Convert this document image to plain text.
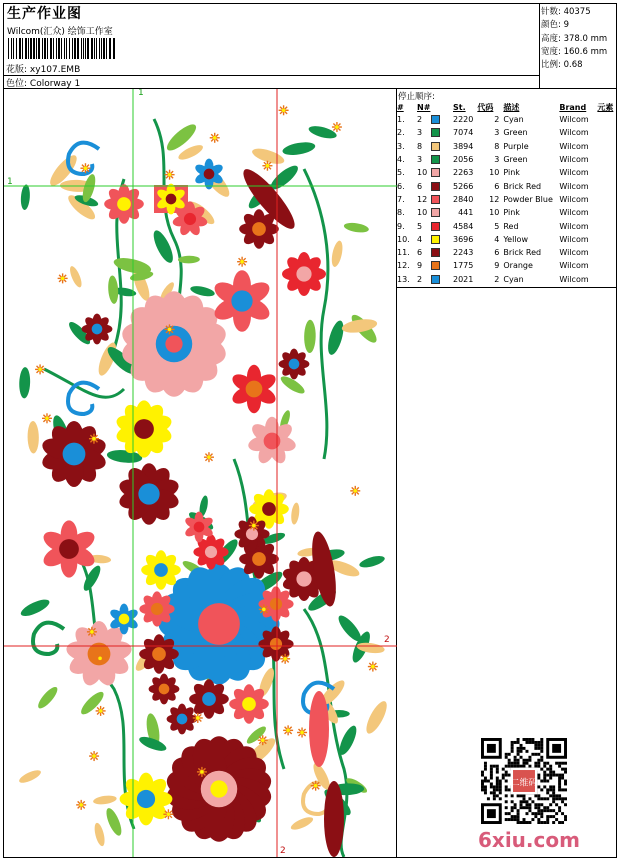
生产作业图
Wilcom(汇众) 绘饰工作室
花版: xy107.EMB
色位: Colorway 1
针数: 40375
颜色: 9
高度: 378.0 mm
宽度: 160.6 mm
比例: 0.68
停止顺序:
#	N#	St.	代码	描述	Brand	元素
1.	2	2220	2	Cyan	Wilcom	
2.	3	7074	3	Green	Wilcom	
3.	8	3894	8	Purple	Wilcom	
4.	3	2056	3	Green	Wilcom	
5.	10	2263	10	Pink	Wilcom	
6.	6	5266	6	Brick Red	Wilcom	
7.	12	2840	12	Powder Blue	Wilcom	
8.	10	441	10	Pink	Wilcom	
9.	5	4584	5	Red	Wilcom	
10.	4	3696	4	Yellow	Wilcom	
11.	6	2243	6	Brick Red	Wilcom	
12.	9	1775	9	Orange	Wilcom	
13.	2	2021	2	Cyan	Wilcom	
1
1
2
2
二维码
6xiu.com
